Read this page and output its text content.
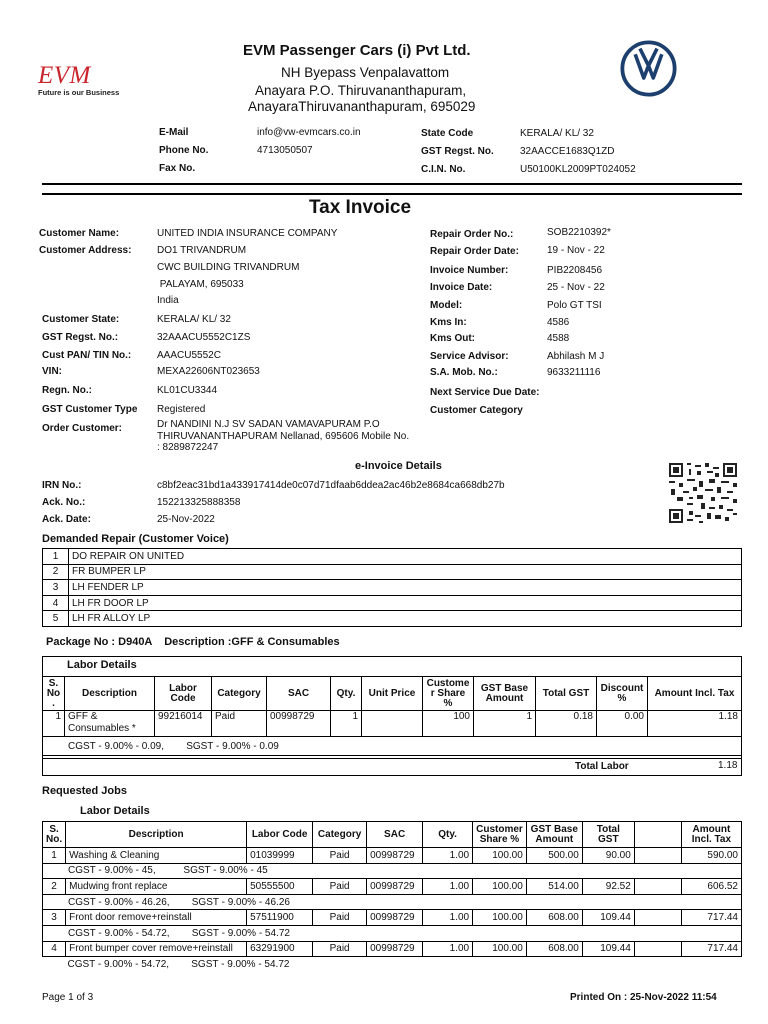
EVM
Future is our Business
EVM Passenger Cars (i) Pvt Ltd.
NH Byepass Venpalavattom
Anayara P.O. Thiruvananthapuram,
AnayaraThiruvananthapuram, 695029
E-Mail	info@vw-evmcars.co.in
Phone No.	4713050507
Fax No.
State Code	KERALA/ KL/ 32
GST Regst. No.	32AACCE1683Q1ZD
C.I.N. No.	U50100KL2009PT024052
Tax Invoice
Customer Name:	UNITED INDIA INSURANCE COMPANY
Customer Address:	DO1 TRIVANDRUM
CWC BUILDING TRIVANDRUM
PALAYAM, 695033
India
Customer State:	KERALA/ KL/ 32
GST Regst. No.:	32AAACU5552C1ZS
Cust PAN/ TIN No.:	AAACU5552C
VIN:	MEXA22606NT023653
Regn. No.:	KL01CU3344
GST Customer Type Registered
Order Customer:	Dr NANDINI N.J SV SADAN VAMAVAPURAM P.O
THIRUVANANTHAPURAM Nellanad, 695606 Mobile No.
: 8289872247
Repair Order No.:	SOB2210392*
Repair Order Date:	19 - Nov - 22
Invoice Number:	PIB2208456
Invoice Date:	25 - Nov - 22
Model:	Polo GT TSI
Kms In:	4586
Kms Out:	4588
Service Advisor:	Abhilash M J
S.A. Mob. No.:	9633211116
Next Service Due Date:
Customer Category
e-Invoice Details
IRN No.:	c8bf2eac31bd1a433917414de0c07d71dfaab6ddea2ac46b2e8684ca668db27b
Ack. No.:	152213325888358
Ack. Date:	25-Nov-2022
Demanded Repair (Customer Voice)
1	DO REPAIR ON UNITED
2	FR BUMPER LP
3	LH FENDER LP
4	LH FR DOOR LP
5	LH FR ALLOY LP
Package No : D940A    Description :GFF & Consumables
Labor Details
S. No .	Description	Labor Code	Category	SAC	Qty.	Unit Price	Custome r Share %	GST Base Amount	Total GST	Discount %	Amount Incl. Tax
1	GFF & Consumables *	99216014	Paid	00998729	1		100	1	0.18	0.00	1.18
CGST - 9.00% - 0.09,        SGST - 9.00% - 0.09											
Total Labor	1.18
Requested Jobs
Labor Details
S. No.	Description	Labor Code	Category	SAC	Qty.	Customer Share %	GST Base Amount	Total GST		Amount Incl. Tax
1	Washing & Cleaning	01039999	Paid	00998729	1.00	100.00	500.00	90.00		590.00
CGST - 9.00% - 45,          SGST - 9.00% - 45										
2	Mudwing front replace	50555500	Paid	00998729	1.00	100.00	514.00	92.52		606.52
CGST - 9.00% - 46.26,        SGST - 9.00% - 46.26										
3	Front door remove+reinstall	57511900	Paid	00998729	1.00	100.00	608.00	109.44		717.44
CGST - 9.00% - 54.72,        SGST - 9.00% - 54.72										
4	Front bumper cover remove+reinstall	63291900	Paid	00998729	1.00	100.00	608.00	109.44		717.44
CGST - 9.00% - 54.72,        SGST - 9.00% - 54.72										
Page 1 of 3	Printed On : 25-Nov-2022 11:54
